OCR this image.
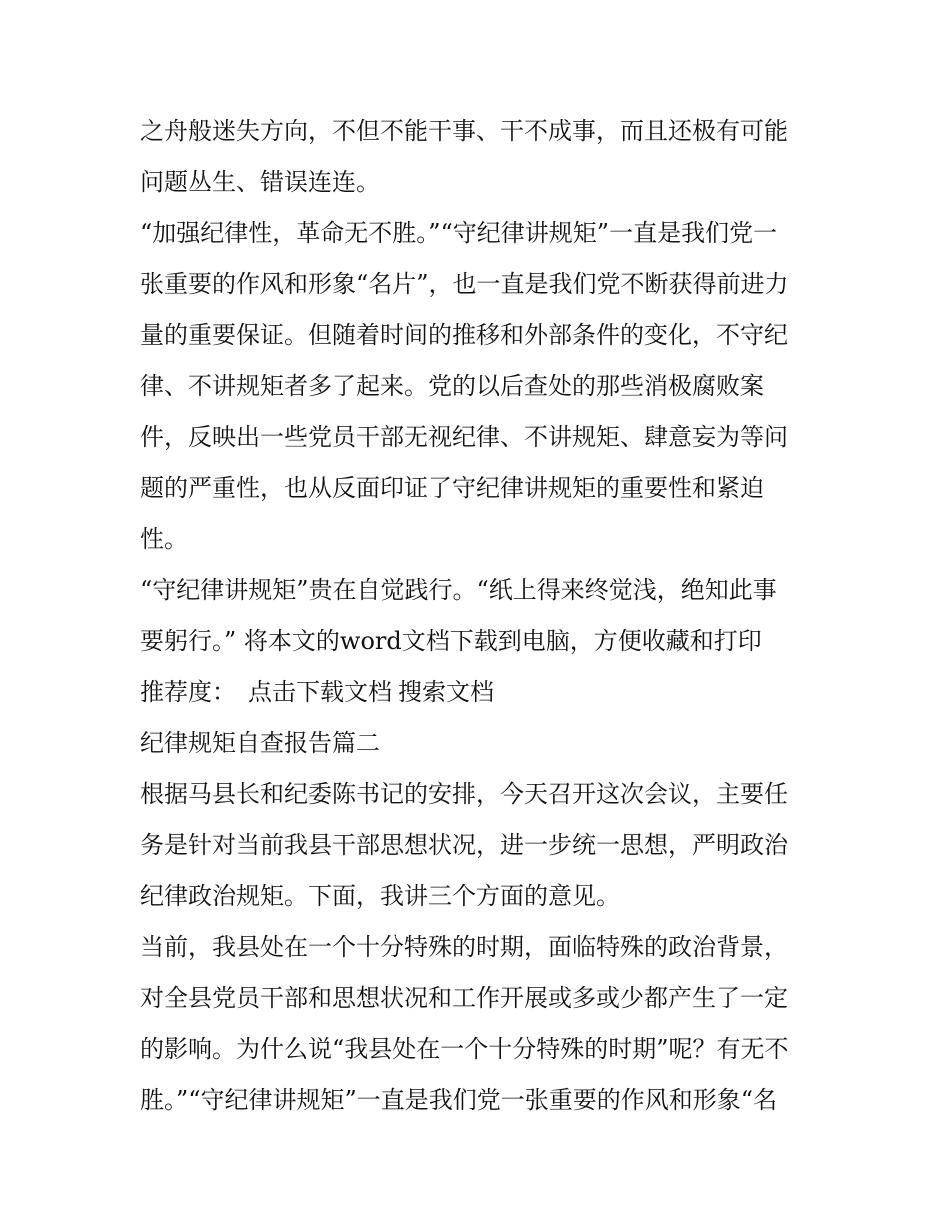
之舟般迷失方向，不但不能干事、干不成事，而且还极有可能
问题丛生、错误连连。
“加强纪律性，革命无不胜。”“守纪律讲规矩”一直是我们党一
张重要的作风和形象“名片”，也一直是我们党不断获得前进力
量的重要保证。但随着时间的推移和外部条件的变化，不守纪
律、不讲规矩者多了起来。党的以后查处的那些消极腐败案
件，反映出一些党员干部无视纪律、不讲规矩、肆意妄为等问
题的严重性，也从反面印证了守纪律讲规矩的重要性和紧迫
性。
“守纪律讲规矩”贵在自觉践行。“纸上得来终觉浅，绝知此事
要躬行。” 将本文的word文档下载到电脑，方便收藏和打印
推荐度： 点击下载文档 搜索文档
纪律规矩自查报告篇二
根据马县长和纪委陈书记的安排，今天召开这次会议，主要任
务是针对当前我县干部思想状况，进一步统一思想，严明政治
纪律政治规矩。下面，我讲三个方面的意见。
当前，我县处在一个十分特殊的时期，面临特殊的政治背景，
对全县党员干部和思想状况和工作开展或多或少都产生了一定
的影响。为什么说“我县处在一个十分特殊的时期”呢？有无不
胜。”“守纪律讲规矩”一直是我们党一张重要的作风和形象“名
